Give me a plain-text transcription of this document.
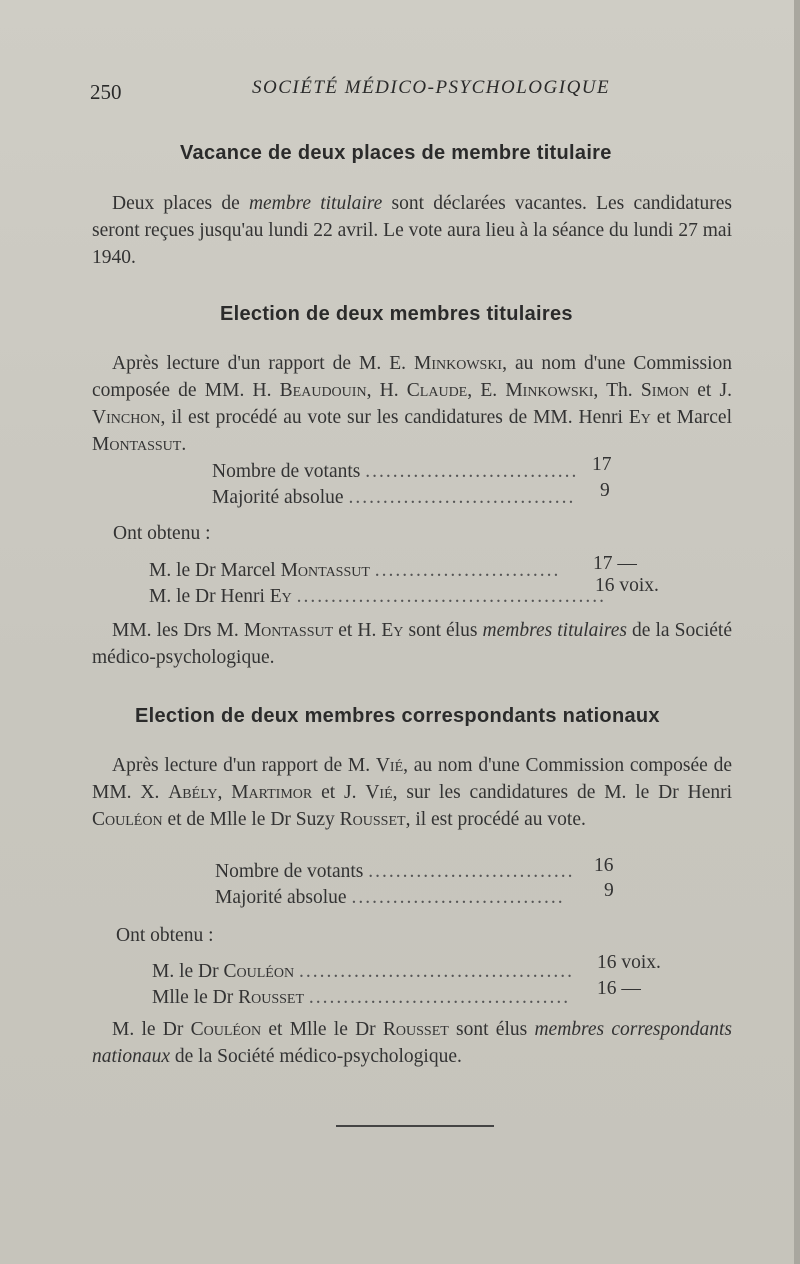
250	SOCIÉTÉ MÉDICO-PSYCHOLOGIQUE
Vacance de deux places de membre titulaire

Deux places de membre titulaire sont déclarées vacantes. Les candidatures seront reçues jusqu'au lundi 22 avril. Le vote aura lieu à la séance du lundi 27 mai 1940.

Election de deux membres titulaires

Après lecture d'un rapport de M. E. Minkowski, au nom d'une Commission composée de MM. H. Beaudouin, H. Claude, E. Minkowski, Th. Simon et J. Vinchon, il est procédé au vote sur les candidatures de MM. Henri Ey et Marcel Montassut.

Nombre de votants ............................... 17
Majorité absolue ................................. 9
Ont obtenu :
M. le Dr Marcel Montassut ........................... 17 —
M. le Dr Henri Ey .............................................
16 voix.

MM. les Drs M. Montassut et H. Ey sont élus membres titulaires de la Société médico-psychologique.

Election de deux membres correspondants nationaux

Après lecture d'un rapport de M. Vié, au nom d'une Commission composée de MM. X. Abély, Martimor et J. Vié, sur les candidatures de M. le Dr Henri Couléon et de Mlle le Dr Suzy Rousset, il est procédé au vote.

Nombre de votants .............................. 16
Majorité absolue ............................... 9
Ont obtenu :
M. le Dr Couléon ........................................ 16 voix.
Mlle le Dr Rousset ...................................... 16 —

M. le Dr Couléon et Mlle le Dr Rousset sont élus membres correspondants nationaux de la Société médico-psychologique.
